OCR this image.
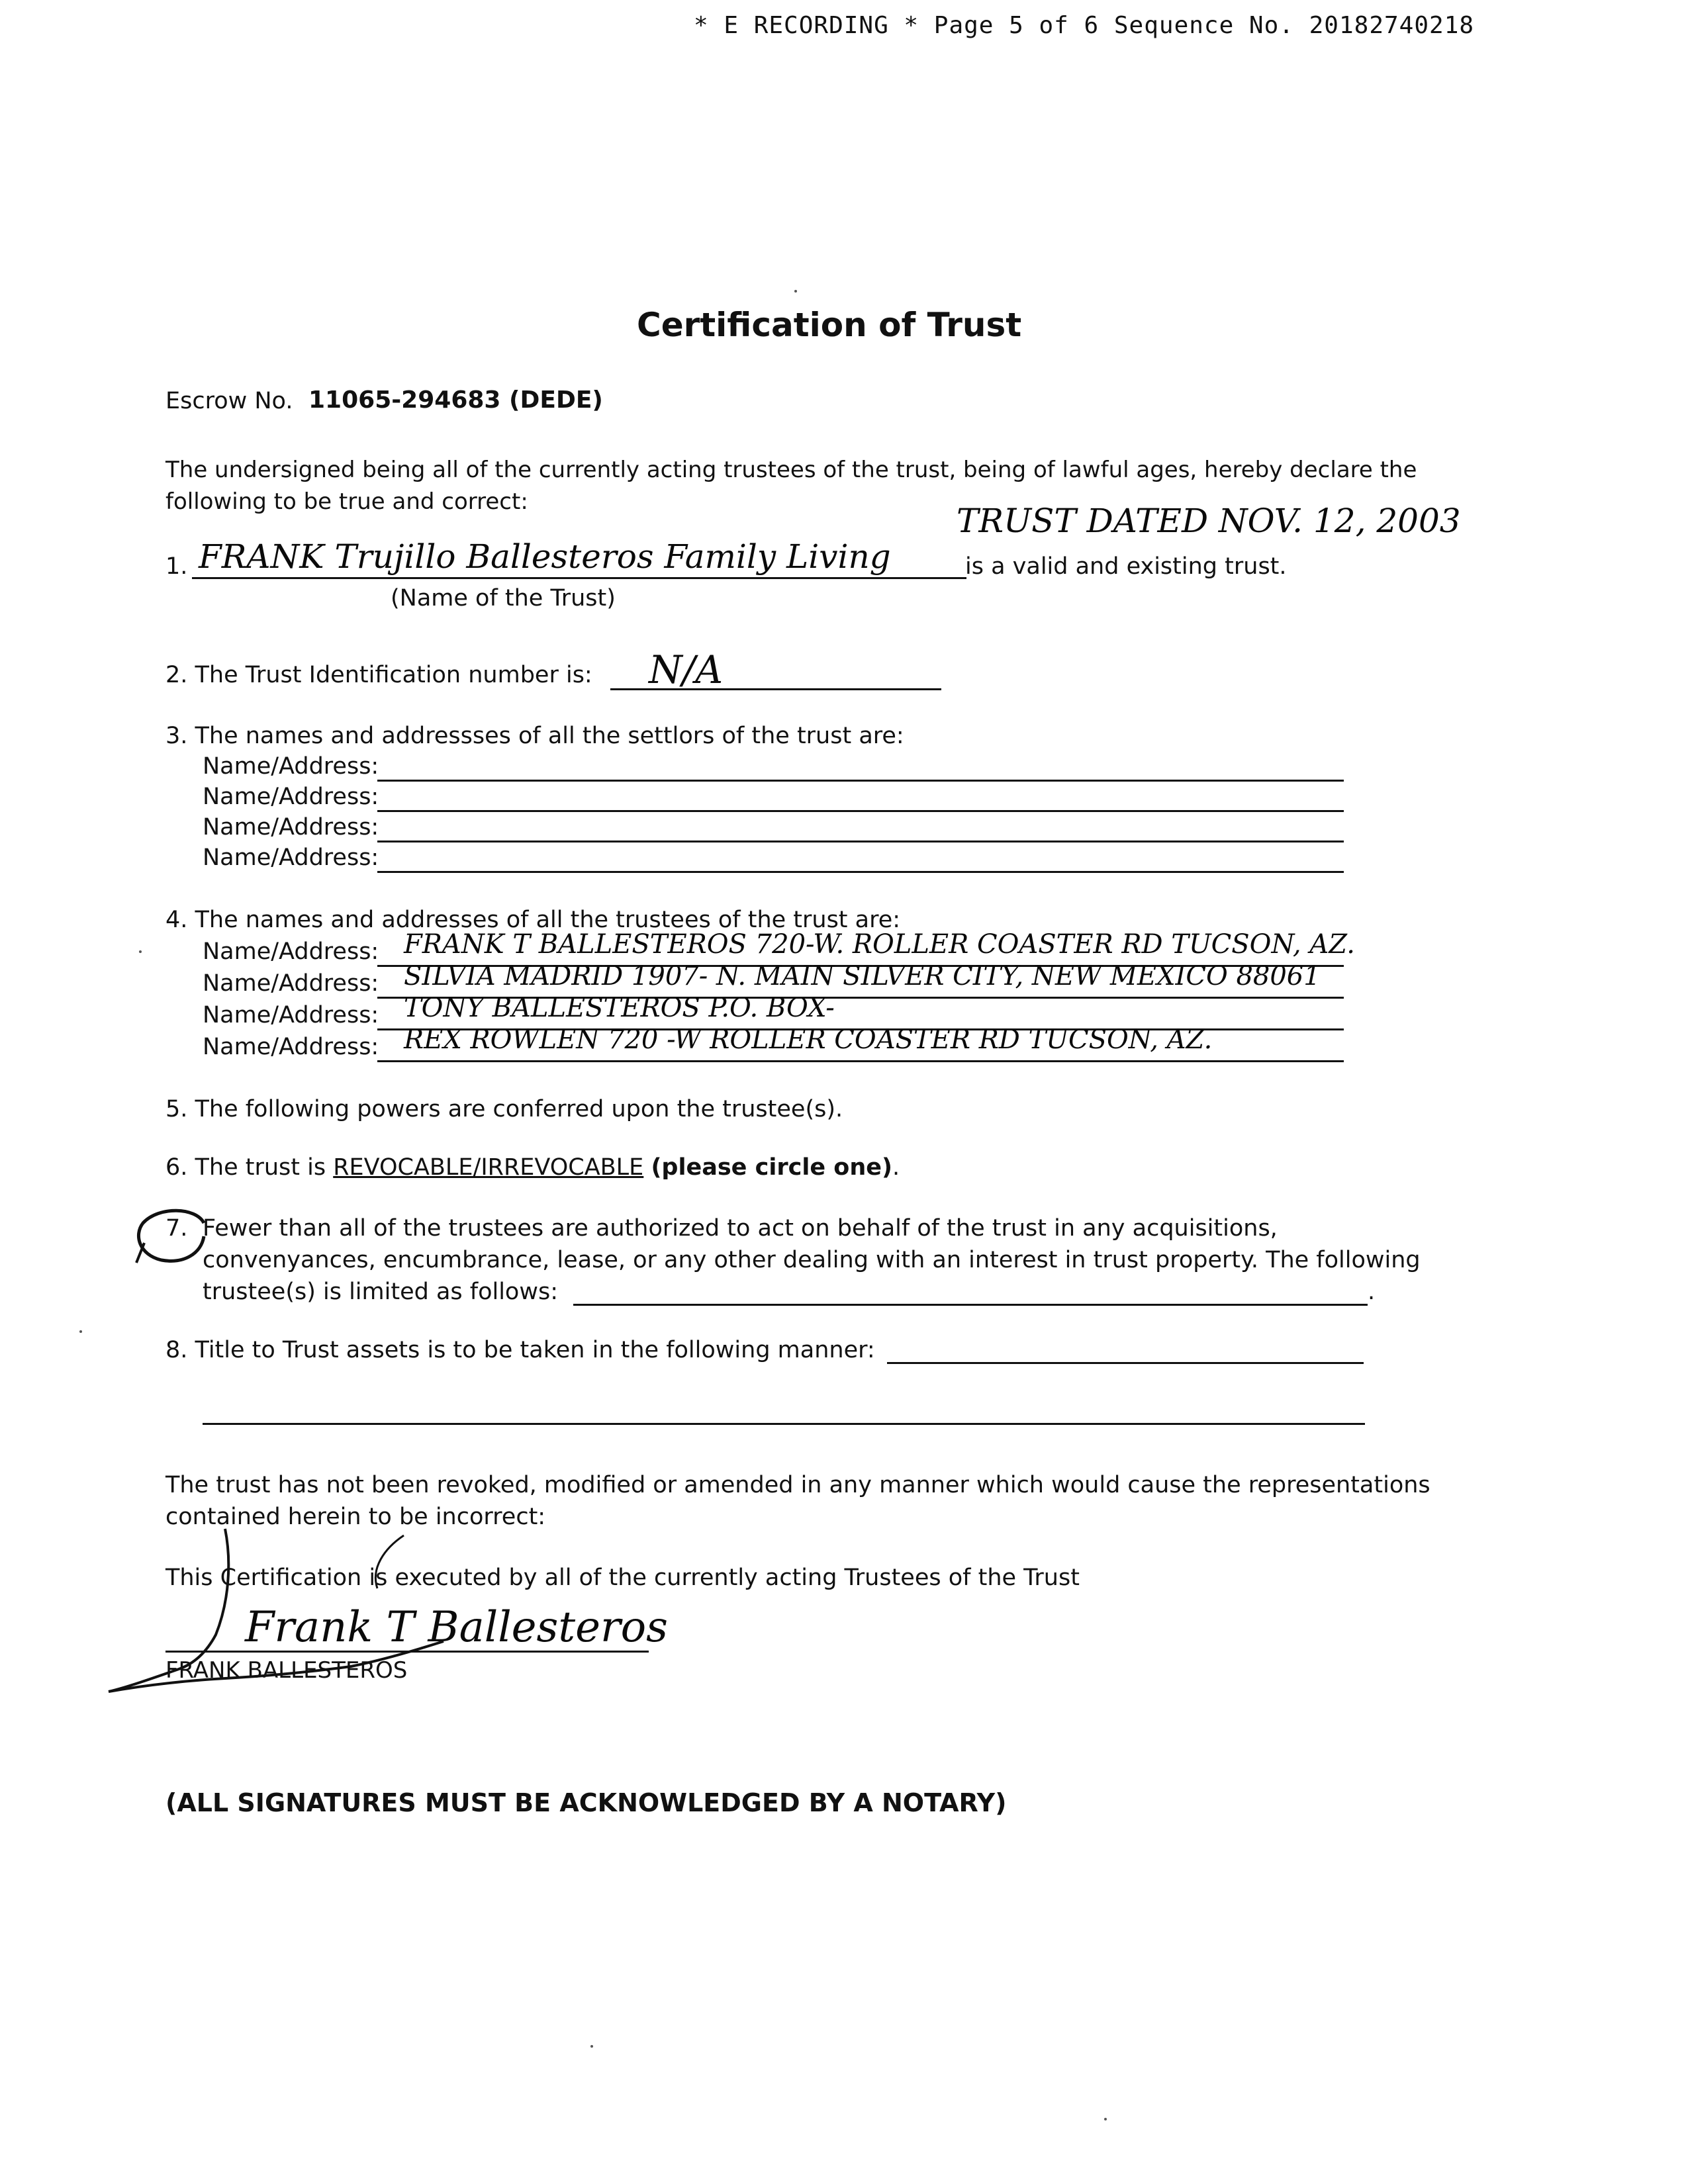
* E RECORDING * Page 5 of 6 Sequence No. 20182740218
Certification of Trust
Escrow No. 11065-294683 (DEDE)
The undersigned being all of the currently acting trustees of the trust, being of lawful ages, hereby declare the
following to be true and correct:
1. FRANK Trujillo Ballesteros Family Living
TRUST DATED NOV. 12, 2003
is a valid and existing trust.
(Name of the Trust)
2. The Trust Identification number is: N/A
3. The names and addressses of all the settlors of the trust are:
Name/Address:
Name/Address:
Name/Address:
Name/Address:
4. The names and addresses of all the trustees of the trust are:
Name/Address: FRANK T BALLESTEROS 720-W. ROLLER COASTER RD TUCSON, AZ.
Name/Address: SILVIA MADRID 1907- N. MAIN SILVER CITY, NEW MEXICO 88061
Name/Address: TONY BALLESTEROS P.O. BOX-
Name/Address: REX ROWLEN 720 -W ROLLER COASTER RD TUCSON, AZ.
5. The following powers are conferred upon the trustee(s).
6. The trust is REVOCABLE/IRREVOCABLE (please circle one).
7. Fewer than all of the trustees are authorized to act on behalf of the trust in any acquisitions,
convenyances, encumbrance, lease, or any other dealing with an interest in trust property. The following
trustee(s) is limited as follows:	.
8. Title to Trust assets is to be taken in the following manner:
The trust has not been revoked, modified or amended in any manner which would cause the representations
contained herein to be incorrect:
This Certification is executed by all of the currently acting Trustees of the Trust
Frank T Ballesteros
FRANK BALLESTEROS
(ALL SIGNATURES MUST BE ACKNOWLEDGED BY A NOTARY)
